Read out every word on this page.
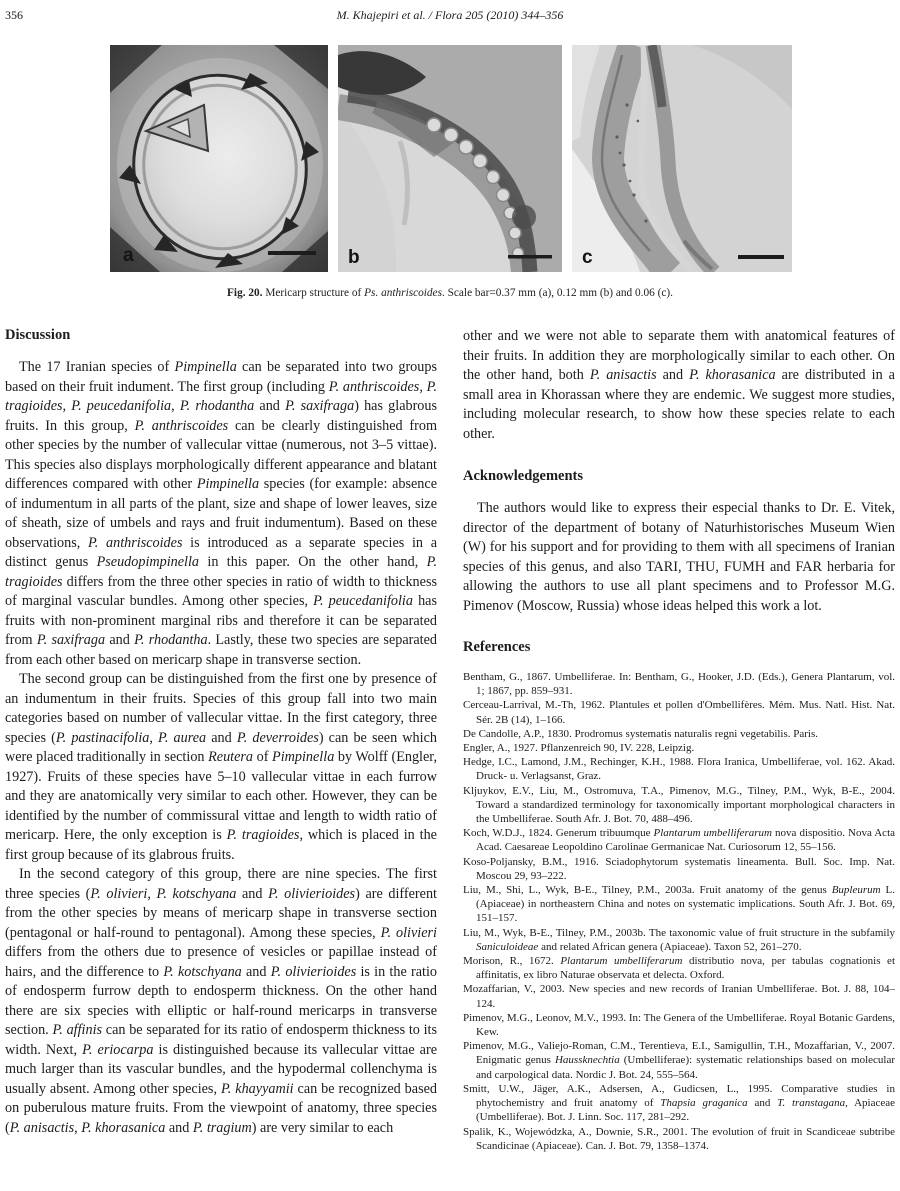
356	M. Khajepiri et al. / Flora 205 (2010) 344–356
a	b	c
Fig. 20. Mericarp structure of Ps. anthriscoides. Scale bar=0.37 mm (a), 0.12 mm (b) and 0.06 (c).
Discussion

The 17 Iranian species of Pimpinella can be separated into two groups based on their fruit indument. The first group (including P. anthriscoides, P. tragioides, P. peucedanifolia, P. rhodantha and P. saxifraga) has glabrous fruits. In this group, P. anthriscoides can be clearly distinguished from other species by the number of vallecular vittae (numerous, not 3–5 vittae). This species also displays morphologically different appearance and blatant differences compared with other Pimpinella species (for example: absence of indumentum in all parts of the plant, size and shape of lower leaves, size of sheath, size of umbels and rays and fruit indumentum). Based on these observations, P. anthriscoides is introduced as a separate species in a distinct genus Pseudopimpinella in this paper. On the other hand, P. tragioides differs from the three other species in ratio of width to thickness of marginal vascular bundles. Among other species, P. peucedanifolia has fruits with non-prominent marginal ribs and therefore it can be separated from P. saxifraga and P. rhodantha. Lastly, these two species are separated from each other based on mericarp shape in transverse section.

The second group can be distinguished from the first one by presence of an indumentum in their fruits. Species of this group fall into two main categories based on number of vallecular vittae. In the first category, three species (P. pastinacifolia, P. aurea and P. deverroides) can be seen which were placed traditionally in section Reutera of Pimpinella by Wolff (Engler, 1927). Fruits of these species have 5–10 vallecular vittae in each furrow and they are anatomically very similar to each other. However, they can be identified by the number of commissural vittae and length to width ratio of mericarp. Here, the only exception is P. tragioides, which is placed in the first group because of its glabrous fruits.

In the second category of this group, there are nine species. The first three species (P. olivieri, P. kotschyana and P. olivierioides) are different from the other species by means of mericarp shape in transverse section (pentagonal or half-round to pentagonal). Among these species, P. olivieri differs from the others due to presence of vesicles or papillae instead of hairs, and the difference to P. kotschyana and P. olivierioides is in the ratio of endosperm furrow depth to endosperm thickness. On the other hand there are six species with elliptic or half-round mericarps in transverse section. P. affinis can be separated for its ratio of endosperm thickness to its width. Next, P. eriocarpa is distinguished because its vallecular vittae are much larger than its vascular bundles, and the hypodermal collenchyma is usually absent. Among other species, P. khayyamii can be recognized based on puberulous mature fruits. From the viewpoint of anatomy, three species (P. anisactis, P. khorasanica and P. tragium) are very similar to each

other and we were not able to separate them with anatomical features of their fruits. In addition they are morphologically similar to each other. On the other hand, both P. anisactis and P. khorasanica are distributed in a small area in Khorassan where they are endemic. We suggest more studies, including molecular research, to show how these species relate to each other.

Acknowledgements

The authors would like to express their especial thanks to Dr. E. Vitek, director of the department of botany of Naturhistorisches Museum Wien (W) for his support and for providing to them with all specimens of Iranian species of this genus, and also TARI, THU, FUMH and FAR herbaria for allowing the authors to use all plant specimens and to Professor M.G. Pimenov (Moscow, Russia) whose ideas helped this work a lot.

References

Bentham, G., 1867. Umbelliferae. In: Bentham, G., Hooker, J.D. (Eds.), Genera Plantarum, vol. 1; 1867, pp. 859–931.

Cerceau-Larrival, M.-Th, 1962. Plantules et pollen d'Ombellifères. Mém. Mus. Natl. Hist. Nat. Sér. 2B (14), 1–166.

De Candolle, A.P., 1830. Prodromus systematis naturalis regni vegetabilis. Paris.

Engler, A., 1927. Pflanzenreich 90, IV. 228, Leipzig.

Hedge, I.C., Lamond, J.M., Rechinger, K.H., 1988. Flora Iranica, Umbelliferae, vol. 162. Akad. Druck- u. Verlagsanst, Graz.

Kljuykov, E.V., Liu, M., Ostromuva, T.A., Pimenov, M.G., Tilney, P.M., Wyk, B-E., 2004. Toward a standardized terminology for taxonomically important morphological characters in the Umbelliferae. South Afr. J. Bot. 70, 488–496.

Koch, W.D.J., 1824. Generum tribuumque Plantarum umbelliferarum nova dispositio. Nova Acta Acad. Caesareae Leopoldino Carolinae Germanicae Nat. Curiosorum 12, 55–156.

Koso-Poljansky, B.M., 1916. Sciadophytorum systematis lineamenta. Bull. Soc. Imp. Nat. Moscou 29, 93–222.

Liu, M., Shi, L., Wyk, B-E., Tilney, P.M., 2003a. Fruit anatomy of the genus Bupleurum L. (Apiaceae) in northeastern China and notes on systematic implications. South Afr. J. Bot. 69, 151–157.

Liu, M., Wyk, B-E., Tilney, P.M., 2003b. The taxonomic value of fruit structure in the subfamily Saniculoideae and related African genera (Apiaceae). Taxon 52, 261–270.

Morison, R., 1672. Plantarum umbelliferarum distributio nova, per tabulas cognationis et affinitatis, ex libro Naturae observata et delecta. Oxford.

Mozaffarian, V., 2003. New species and new records of Iranian Umbelliferae. Bot. J. 88, 104–124.

Pimenov, M.G., Leonov, M.V., 1993. In: The Genera of the Umbelliferae. Royal Botanic Gardens, Kew.

Pimenov, M.G., Valiejo-Roman, C.M., Terentieva, E.I., Samigullin, T.H., Mozaffarian, V., 2007. Enigmatic genus Haussknechtia (Umbelliferae): systematic relationships based on molecular and carpological data. Nordic J. Bot. 24, 555–564.

Smitt, U.W., Jäger, A.K., Adsersen, A., Gudicsen, L., 1995. Comparative studies in phytochemistry and fruit anatomy of Thapsia graganica and T. transtagana, Apiaceae (Umbelliferae). Bot. J. Linn. Soc. 117, 281–292.

Spalik, K., Wojewódzka, A., Downie, S.R., 2001. The evolution of fruit in Scandiceae subtribe Scandicinae (Apiaceae). Can. J. Bot. 79, 1358–1374.
